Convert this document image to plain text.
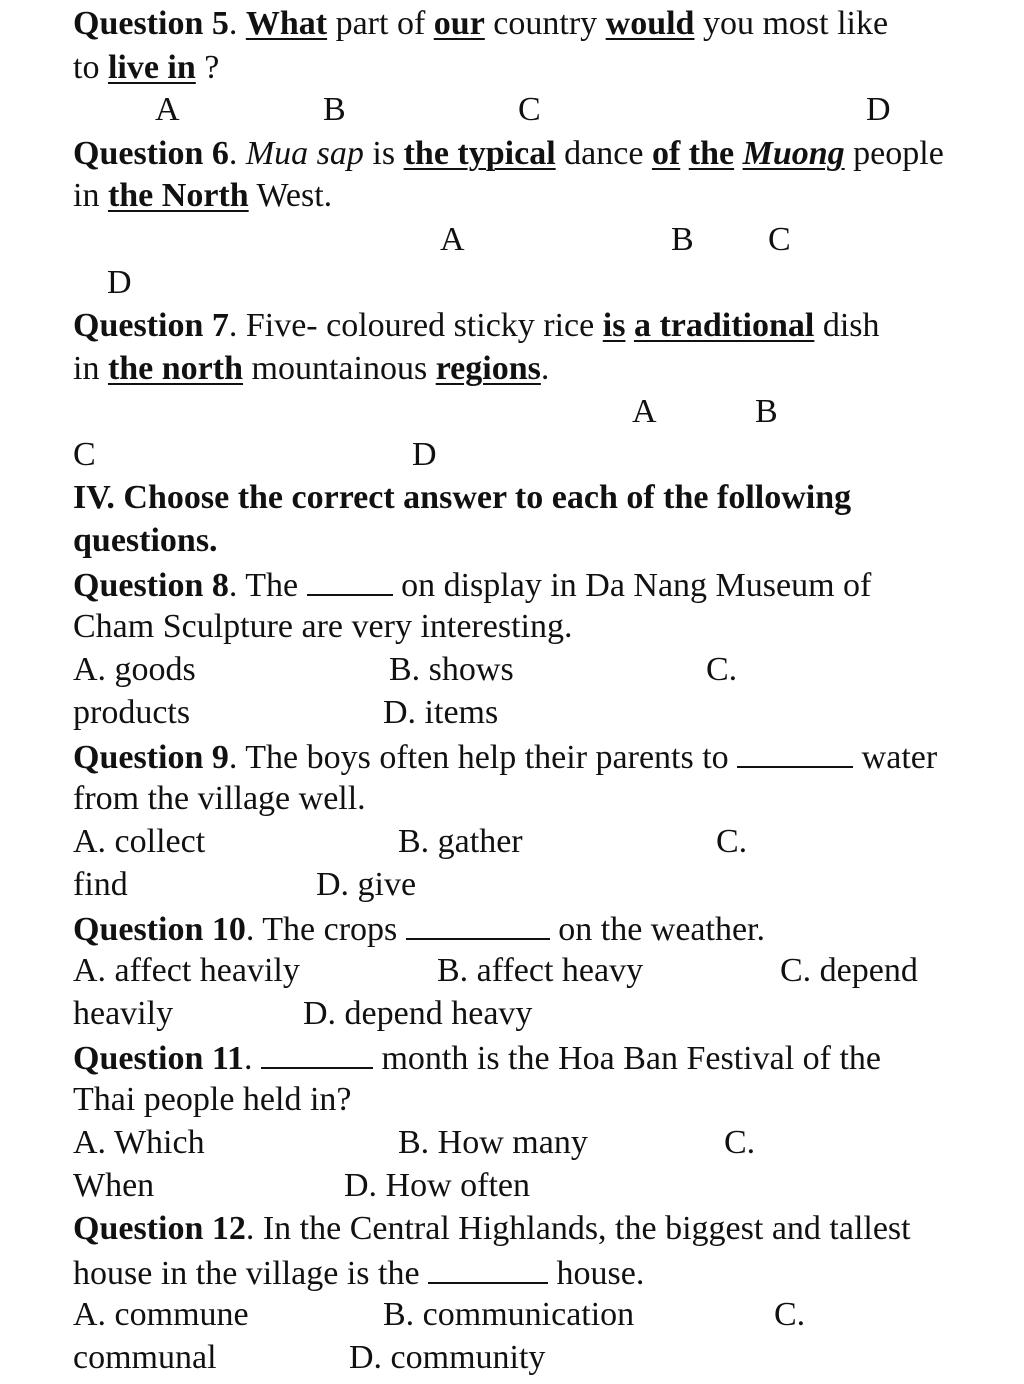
Question 5. What part of our country would you most like
to live in ?
A	B	C	D
Question 6. Mua sap is the typical dance of the Muong people
in the North West.
A	B C
D
Question 7. Five- coloured sticky rice is a traditional dish
in the north mountainous regions.
A	B
C	D
IV. Choose the correct answer to each of the following
questions.
Question 8. The	on display in Da Nang Museum of
Cham Sculpture are very interesting.
A. goods	B. shows	C.
products	D. items
Question 9. The boys often help their parents to	water
from the village well.
A. collect	B. gather	C.
find	D. give
Question 10. The crops	on the weather.
A. affect heavily	B. affect heavy	C. depend
heavily	D. depend heavy
Question 11.	month is the Hoa Ban Festival of the
Thai people held in?
A. Which	B. How many	C.
When	D. How often
Question 12. In the Central Highlands, the biggest and tallest
house in the village is the	house.
A. commune	B. communication	C.
communal	D. community
